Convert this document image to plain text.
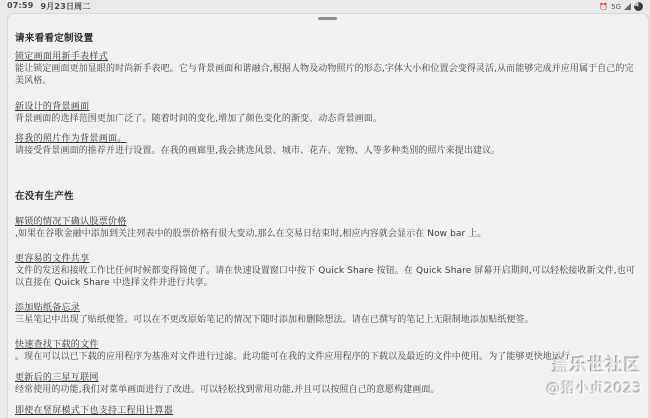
07:59 9月23日周二	⏰ 5G
请来看看定制设置
锁定画面用新手表样式

能让锁定画面更加显眼的时尚新手表吧。它与背景画面和谐融合,根据人物及动物照片的形态,字体大小和位置会变得灵活,从而能够完成并应用属于自己的完美风格。

新设计的背景画面

背景画面的选择范围更加广泛了。随着时间的变化,增加了颜色变化的渐变、动态背景画面。

将我的照片作为背景画面。

请接受背景画面的推荐并进行设置。在我的画廊里,我会挑选风景、城市、花卉、宠物、人等多种类别的照片来提出建议。

在没有生产性
解锁的情况下确认股票价格

,如果在谷歌金融中添加到关注列表中的股票价格有很大变动,那么在交易日结束时,相应内容就会显示在 Now bar 上。

更容易的文件共享

文件的发送和接收工作比任何时候都变得简便了。请在快速设置窗口中按下 Quick Share 按钮。在 Quick Share 屏幕开启期间,可以轻松接收新文件,也可以直接在 Quick Share 中选择文件并进行共享。

添加贴纸备忘录

三星笔记中出现了贴纸便签。可以在不更改原始笔记的情况下随时添加和删除想法。请在已撰写的笔记上无限制地添加贴纸便签。

快速查找下载的文件

。现在可以以已下载的应用程序为基准对文件进行过滤。此功能可在我的文件应用程序的下载以及最近的文件中使用。为了能够更快地运行

更新后的三星互联网

经常使用的功能,我们对菜单画面进行了改进。可以轻松找到常用功能,并且可以按照自己的意愿构建画面。

即使在竖屏模式下也支持工程用计算器
盖乐世社区
@猪小贞2023
